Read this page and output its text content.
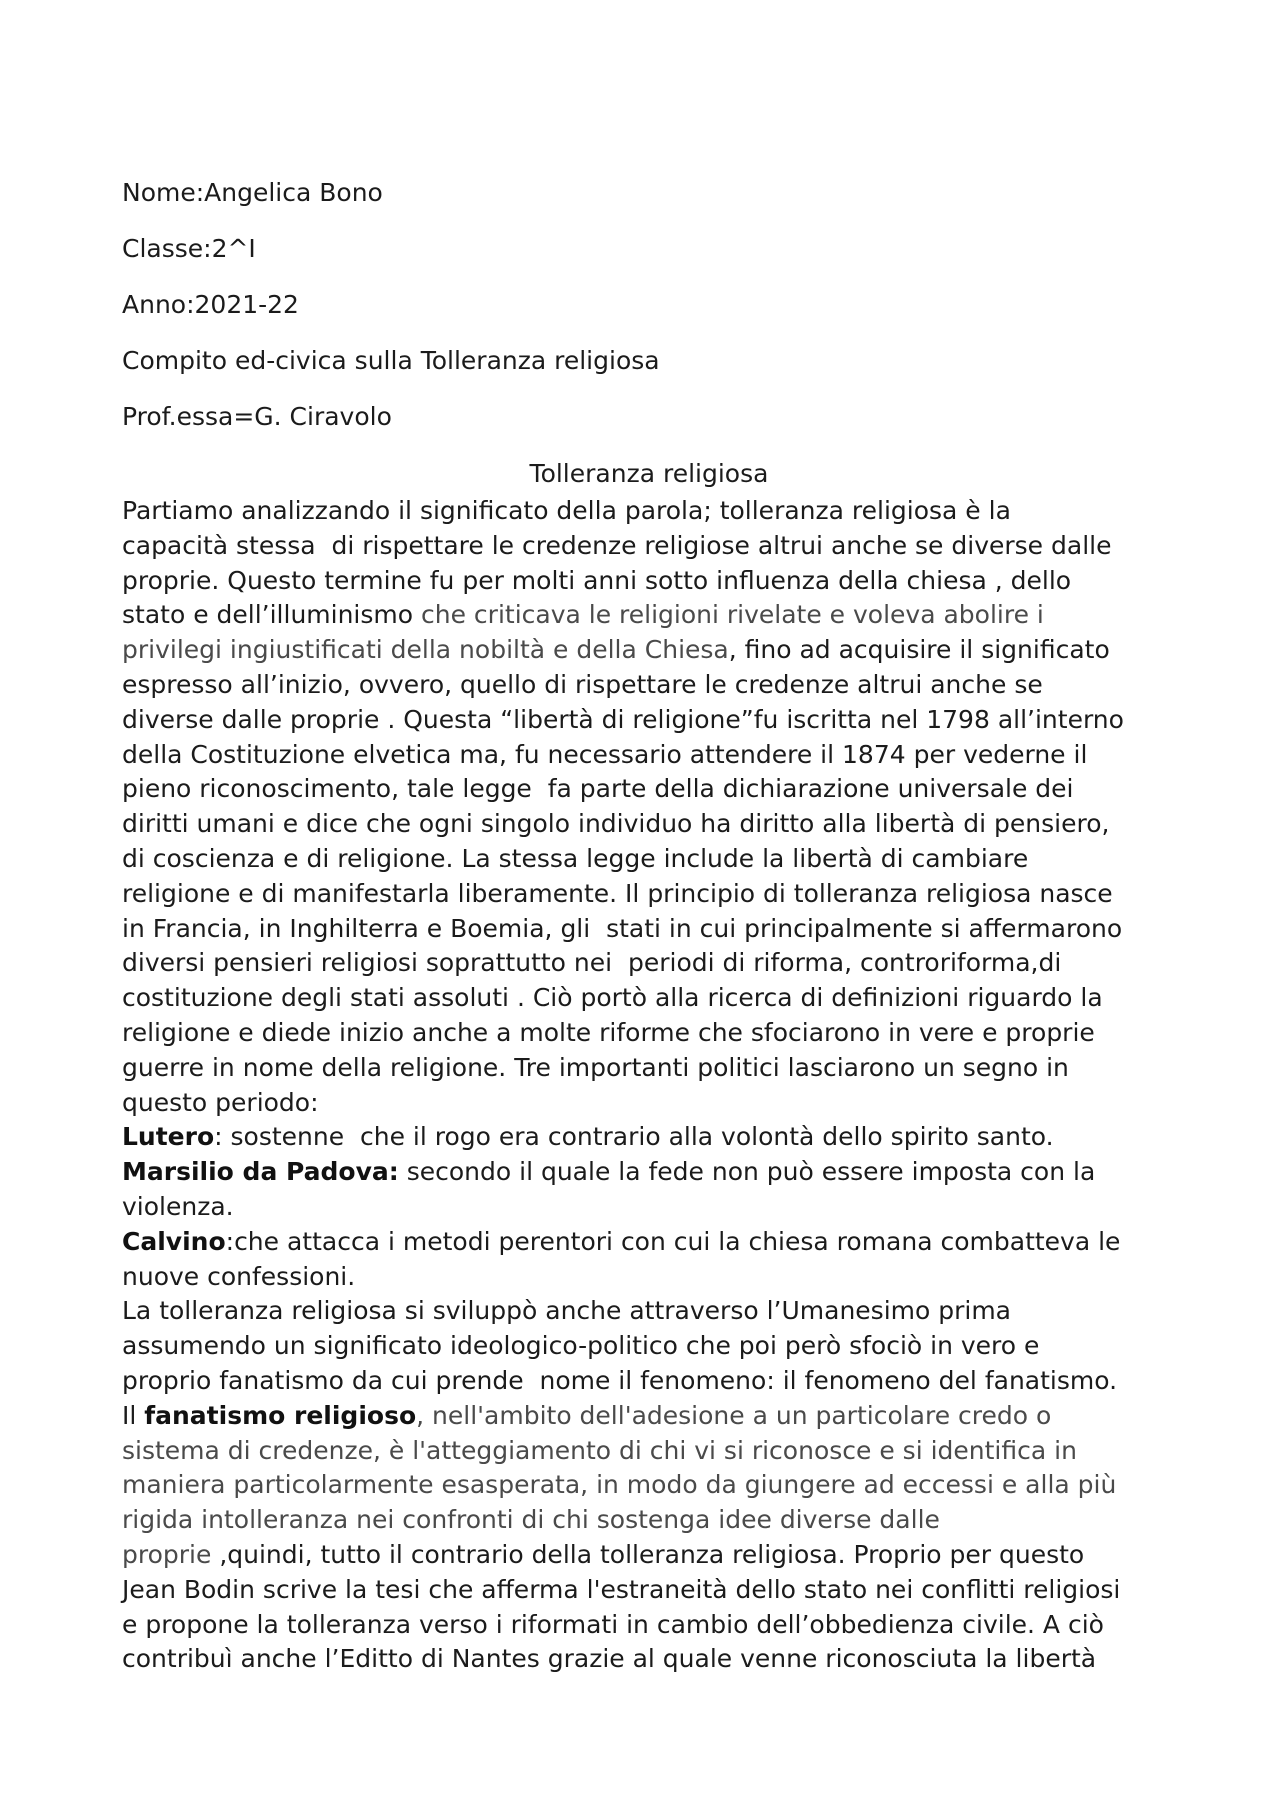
Nome:Angelica Bono
Classe:2^I
Anno:2021-22
Compito ed-civica sulla Tolleranza religiosa
Prof.essa=G. Ciravolo
Tolleranza religiosa
Partiamo analizzando il significato della parola; tolleranza religiosa è la
capacità stessa  di rispettare le credenze religiose altrui anche se diverse dalle
proprie. Questo termine fu per molti anni sotto influenza della chiesa , dello
stato e dell’illuminismo che criticava le religioni rivelate e voleva abolire i
privilegi ingiustificati della nobiltà e della Chiesa, fino ad acquisire il significato
espresso all’inizio, ovvero, quello di rispettare le credenze altrui anche se
diverse dalle proprie . Questa “libertà di religione”fu iscritta nel 1798 all’interno
della Costituzione elvetica ma, fu necessario attendere il 1874 per vederne il
pieno riconoscimento, tale legge  fa parte della dichiarazione universale dei
diritti umani e dice che ogni singolo individuo ha diritto alla libertà di pensiero,
di coscienza e di religione. La stessa legge include la libertà di cambiare
religione e di manifestarla liberamente. Il principio di tolleranza religiosa nasce
in Francia, in Inghilterra e Boemia, gli  stati in cui principalmente si affermarono
diversi pensieri religiosi soprattutto nei  periodi di riforma, controriforma,di
costituzione degli stati assoluti . Ciò portò alla ricerca di definizioni riguardo la
religione e diede inizio anche a molte riforme che sfociarono in vere e proprie
guerre in nome della religione. Tre importanti politici lasciarono un segno in
questo periodo:
Lutero: sostenne  che il rogo era contrario alla volontà dello spirito santo.
Marsilio da Padova: secondo il quale la fede non può essere imposta con la
violenza.
Calvino:che attacca i metodi perentori con cui la chiesa romana combatteva le
nuove confessioni.
La tolleranza religiosa si sviluppò anche attraverso l’Umanesimo prima
assumendo un significato ideologico-politico che poi però sfociò in vero e
proprio fanatismo da cui prende  nome il fenomeno: il fenomeno del fanatismo.
Il fanatismo religioso, nell'ambito dell'adesione a un particolare credo o
sistema di credenze, è l'atteggiamento di chi vi si riconosce e si identifica in
maniera particolarmente esasperata, in modo da giungere ad eccessi e alla più
rigida intolleranza nei confronti di chi sostenga idee diverse dalle
proprie ,quindi, tutto il contrario della tolleranza religiosa. Proprio per questo
Jean Bodin scrive la tesi che afferma l'estraneità dello stato nei conflitti religiosi
e propone la tolleranza verso i riformati in cambio dell’obbedienza civile. A ciò
contribuì anche l’Editto di Nantes grazie al quale venne riconosciuta la libertà
